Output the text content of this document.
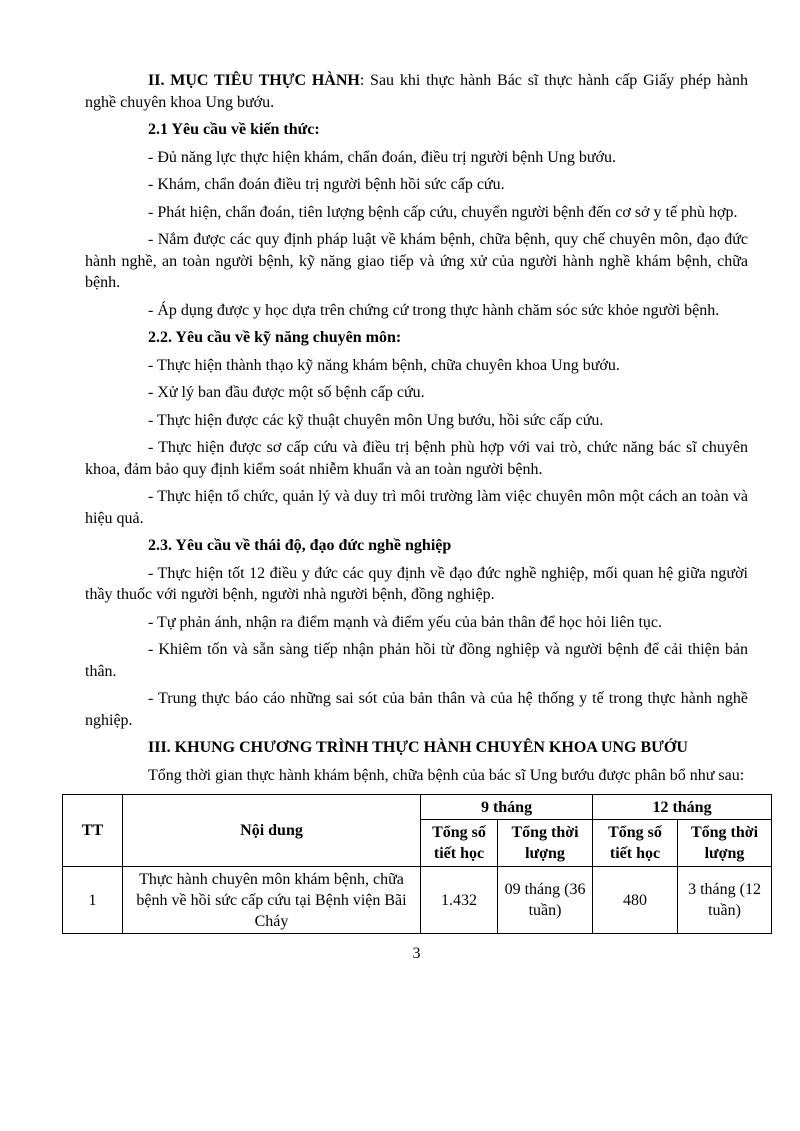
II. MỤC TIÊU THỰC HÀNH: Sau khi thực hành Bác sĩ thực hành cấp Giấy phép hành nghề chuyên khoa Ung bướu.

2.1 Yêu cầu về kiến thức:

- Đủ năng lực thực hiện khám, chẩn đoán, điều trị người bệnh Ung bướu.

- Khám, chẩn đoán điều trị người bệnh hồi sức cấp cứu.

- Phát hiện, chẩn đoán, tiên lượng bệnh cấp cứu, chuyển người bệnh đến cơ sở y tế phù hợp.

- Nắm được các quy định pháp luật về khám bệnh, chữa bệnh, quy chế chuyên môn, đạo đức hành nghề, an toàn người bệnh, kỹ năng giao tiếp và ứng xử của người hành nghề khám bệnh, chữa bệnh.

- Áp dụng được y học dựa trên chứng cứ trong thực hành chăm sóc sức khỏe người bệnh.

2.2. Yêu cầu về kỹ năng chuyên môn:

- Thực hiện thành thạo kỹ năng khám bệnh, chữa chuyên khoa Ung bướu.

- Xử lý ban đầu được một số bệnh cấp cứu.

- Thực hiện được các kỹ thuật chuyên môn Ung bướu, hồi sức cấp cứu.

- Thực hiện được sơ cấp cứu và điều trị bệnh phù hợp với vai trò, chức năng bác sĩ chuyên khoa, đảm bảo quy định kiểm soát nhiễm khuẩn và an toàn người bệnh.

- Thực hiện tổ chức, quản lý và duy trì môi trường làm việc chuyên môn một cách an toàn và hiệu quả.

2.3. Yêu cầu về thái độ, đạo đức nghề nghiệp

- Thực hiện tốt 12 điều y đức các quy định về đạo đức nghề nghiệp, mối quan hệ giữa người thầy thuốc với người bệnh, người nhà người bệnh, đồng nghiệp.

- Tự phản ánh, nhận ra điểm mạnh và điểm yếu của bản thân để học hỏi liên tục.

- Khiêm tốn và sẵn sàng tiếp nhận phản hồi từ đồng nghiệp và người bệnh để cải thiện bản thân.

- Trung thực báo cáo những sai sót của bản thân và của hệ thống y tế trong thực hành nghề nghiệp.

III. KHUNG CHƯƠNG TRÌNH THỰC HÀNH CHUYÊN KHOA UNG BƯỚU

Tổng thời gian thực hành khám bệnh, chữa bệnh của bác sĩ Ung bướu được phân bổ như sau:

TT	Nội dung	9 tháng		12 tháng	
		Tổng số tiết học	Tổng thời lượng	Tổng số tiết học	Tổng thời lượng
1	Thực hành chuyên môn khám bệnh, chữa bệnh về hồi sức cấp cứu tại Bệnh viện Bãi Cháy	1.432	09 tháng (36 tuần)	480	3 tháng (12 tuần)
3
